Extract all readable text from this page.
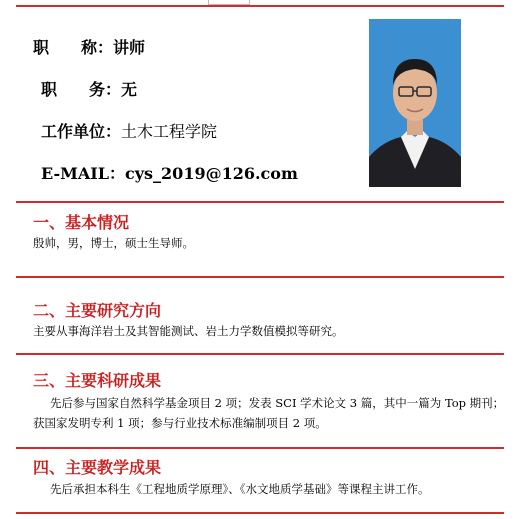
职　　称：讲师
职　　务：无
工作单位：土木工程学院
E-MAIL：cys_2019@126.com
一、基本情况
殷帅，男，博士，硕士生导师。
二、主要研究方向
主要从事海洋岩土及其智能测试、岩土力学数值模拟等研究。
三、主要科研成果
先后参与国家自然科学基金项目 2 项；发表 SCI 学术论文 3 篇，其中一篇为 Top 期刊；
获国家发明专利 1 项；参与行业技术标准编制项目 2 项。
四、主要教学成果
先后承担本科生《工程地质学原理》、《水文地质学基础》等课程主讲工作。
